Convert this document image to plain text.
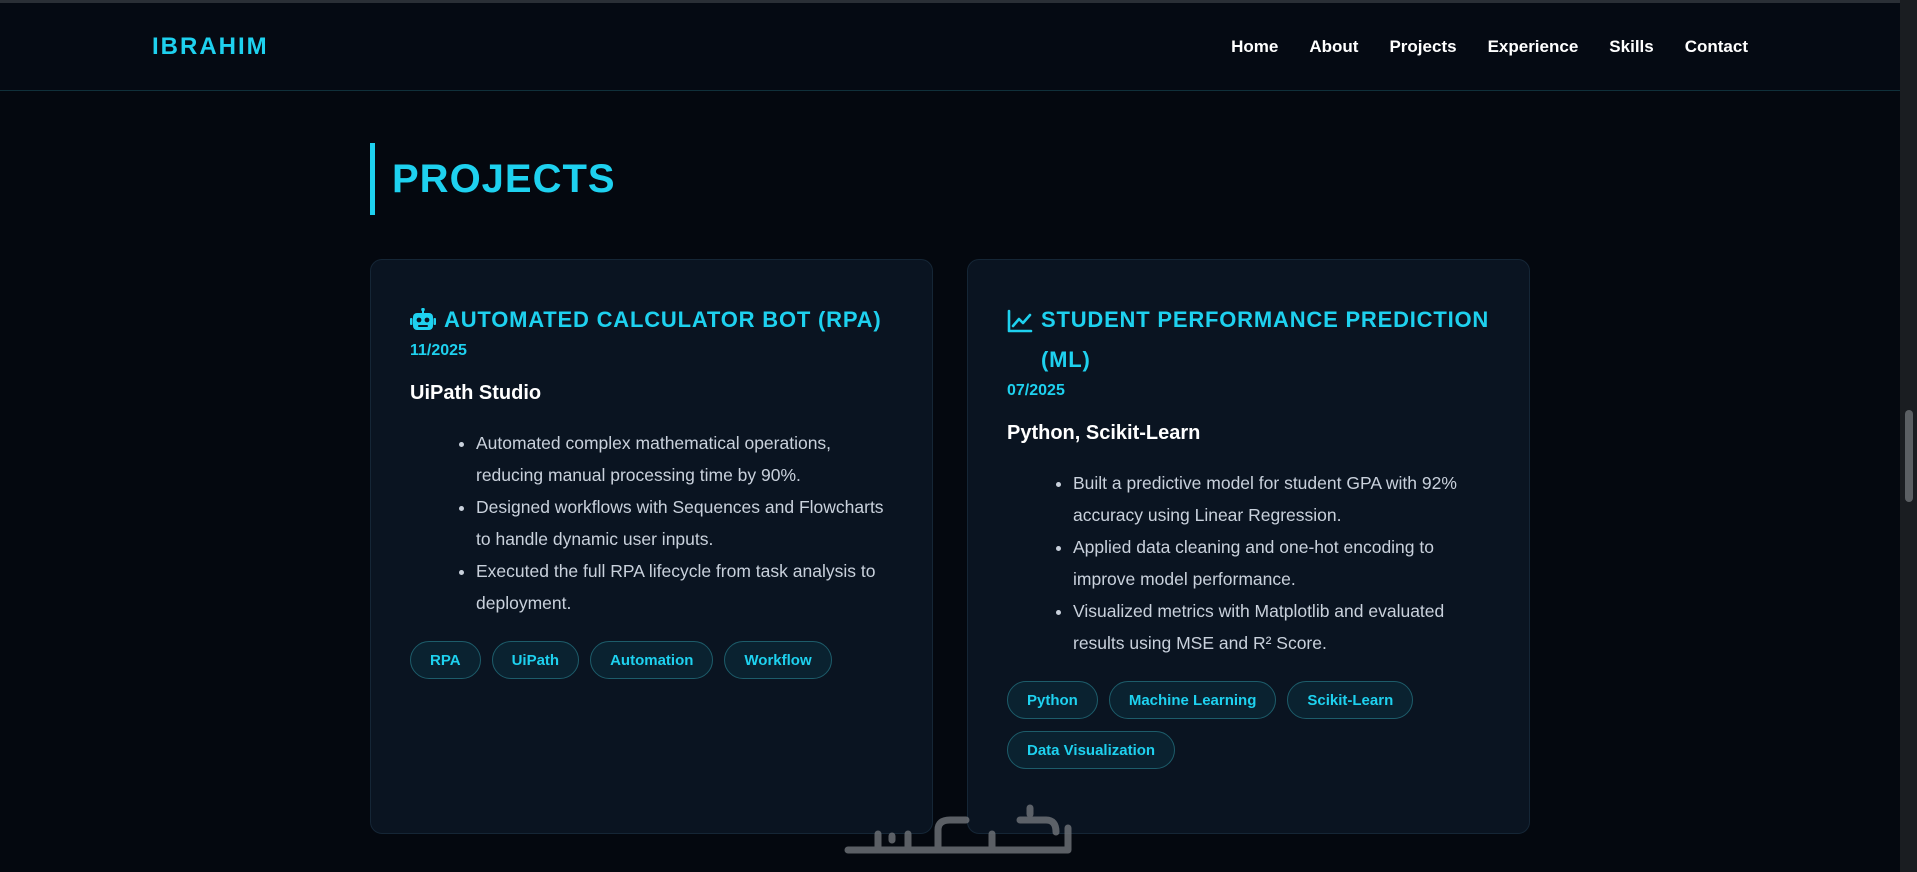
IBRAHIM	Home About Projects Experience Skills Contact
PROJECTS
AUTOMATED CALCULATOR BOT (RPA)
11/2025
UiPath Studio
• Automated complex mathematical operations, reducing manual processing time by 90%.
• Designed workflows with Sequences and Flowcharts to handle dynamic user inputs.
• Executed the full RPA lifecycle from task analysis to deployment.
RPA	UiPath	Automation	Workflow
STUDENT PERFORMANCE PREDICTION (ML)
07/2025
Python, Scikit-Learn
• Built a predictive model for student GPA with 92% accuracy using Linear Regression.
• Applied data cleaning and one-hot encoding to improve model performance.
• Visualized metrics with Matplotlib and evaluated results using MSE and R² Score.
Python	Machine Learning	Scikit-Learn
Data Visualization
